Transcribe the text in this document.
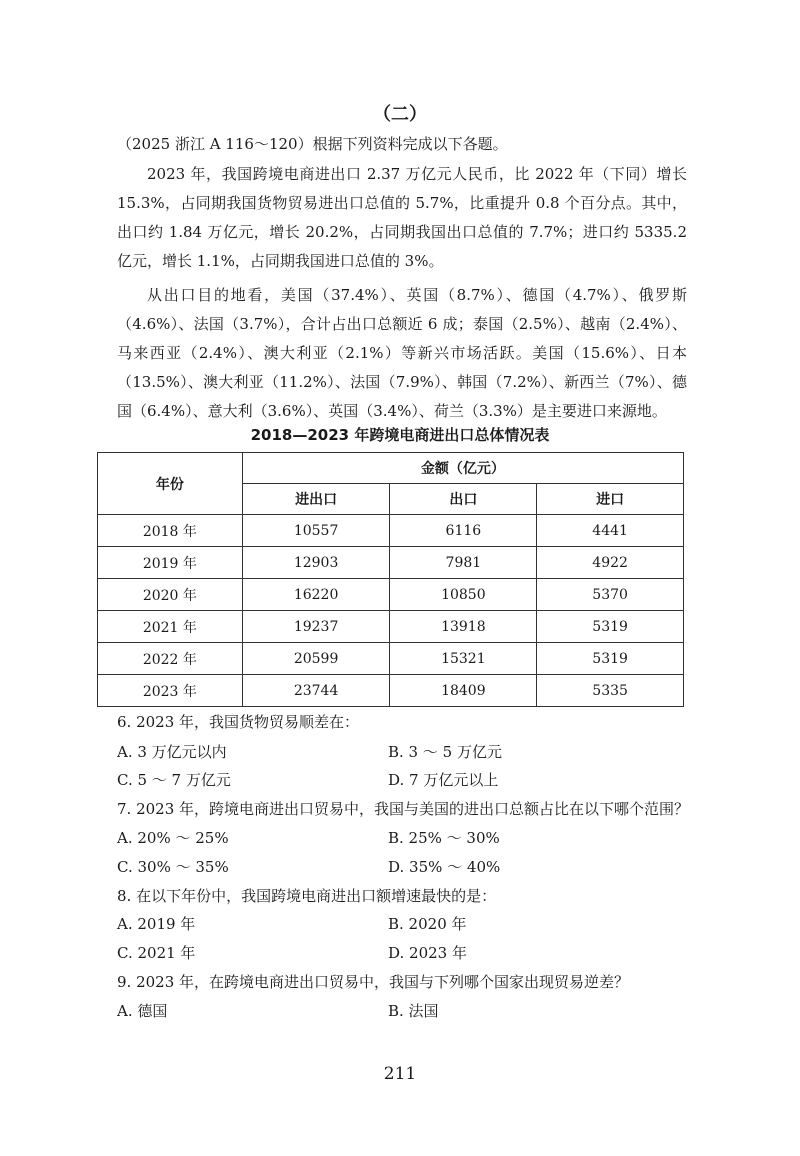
（二）
（2025 浙江 A 116～120）根据下列资料完成以下各题。
2023 年，我国跨境电商进出口 2.37 万亿元人民币，比 2022 年（下同）增长 15.3%，占同期我国货物贸易进出口总值的 5.7%，比重提升 0.8 个百分点。其中，出口约 1.84 万亿元，增长 20.2%，占同期我国出口总值的 7.7%；进口约 5335.2 亿元，增长 1.1%，占同期我国进口总值的 3%。
从出口目的地看，美国（37.4%）、英国（8.7%）、德国（4.7%）、俄罗斯（4.6%）、法国（3.7%），合计占出口总额近 6 成；泰国（2.5%）、越南（2.4%）、马来西亚（2.4%）、澳大利亚（2.1%）等新兴市场活跃。美国（15.6%）、日本（13.5%）、澳大利亚（11.2%）、法国（7.9%）、韩国（7.2%）、新西兰（7%）、德国（6.4%）、意大利（3.6%）、英国（3.4%）、荷兰（3.3%）是主要进口来源地。
2018—2023 年跨境电商进出口总体情况表
年份	金额（亿元）		
	进出口	出口	进口
2018 年	10557	6116	4441
2019 年	12903	7981	4922
2020 年	16220	10850	5370
2021 年	19237	13918	5319
2022 年	20599	15321	5319
2023 年	23744	18409	5335
6. 2023 年，我国货物贸易顺差在：
A. 3 万亿元以内	B. 3 ～ 5 万亿元
C. 5 ～ 7 万亿元	D. 7 万亿元以上
7. 2023 年，跨境电商进出口贸易中，我国与美国的进出口总额占比在以下哪个范围？
A. 20% ～ 25%	B. 25% ～ 30%
C. 30% ～ 35%	D. 35% ～ 40%
8. 在以下年份中，我国跨境电商进出口额增速最快的是：
A. 2019 年	B. 2020 年
C. 2021 年	D. 2023 年
9. 2023 年，在跨境电商进出口贸易中，我国与下列哪个国家出现贸易逆差？
A. 德国	B. 法国
211
